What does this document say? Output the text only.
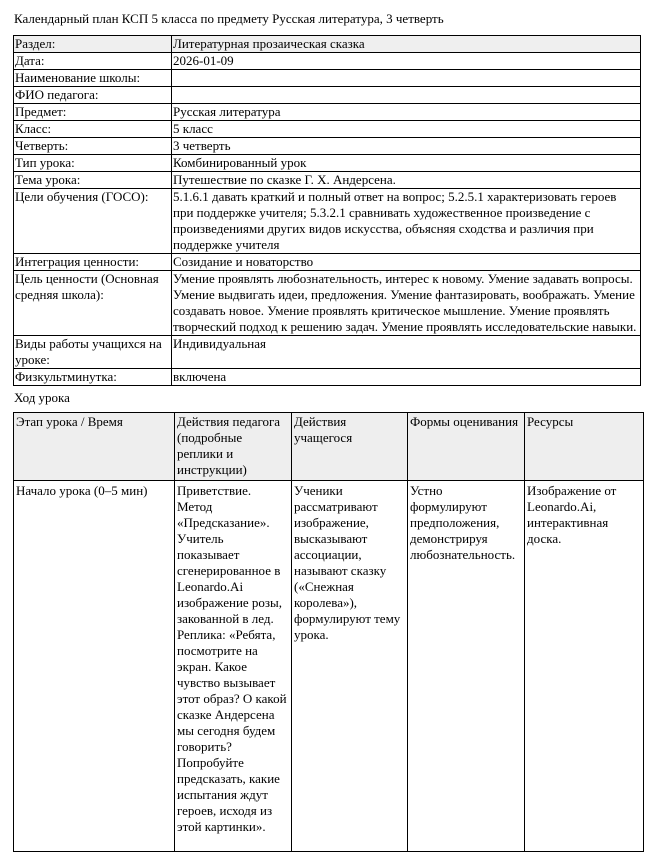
Календарный план КСП 5 класса по предмету Русская литература, 3 четверть
Раздел:	Литературная прозаическая сказка
Дата:	2026-01-09
Наименование школы:	
ФИО педагога:	
Предмет:	Русская литература
Класс:	5 класс
Четверть:	3 четверть
Тип урока:	Комбинированный урок
Тема урока:	Путешествие по сказке Г. Х. Андерсена.
Цели обучения (ГОСО):	5.1.6.1 давать краткий и полный ответ на вопрос; 5.2.5.1 характеризовать героев при поддержке учителя; 5.3.2.1 сравнивать художественное произведение с произведениями других видов искусства, объясняя сходства и различия при поддержке учителя
Интеграция ценности:	Созидание и новаторство
Цель ценности (Основная средняя школа):	Умение проявлять любознательность, интерес к новому. Умение задавать вопросы. Умение выдвигать идеи, предложения. Умение фантазировать, воображать. Умение создавать новое. Умение проявлять критическое мышление. Умение проявлять творческий подход к решению задач. Умение проявлять исследовательские навыки.
Виды работы учащихся на уроке:	Индивидуальная
Физкультминутка:	включена
Ход урока
Этап урока / Время	Действия педагога (подробные реплики и инструкции)	Действия учащегося	Формы оценивания	Ресурсы
Начало урока (0–5 мин)	Приветствие. Метод «Предсказание». Учитель показывает сгенерированное в Leonardo.Ai изображение розы, закованной в лед. Реплика: «Ребята, посмотрите на экран. Какое чувство вызывает этот образ? О какой сказке Андерсена мы сегодня будем говорить? Попробуйте предсказать, какие испытания ждут героев, исходя из этой картинки».	Ученики рассматривают изображение, высказывают ассоциации, называют сказку («Снежная королева»), формулируют тему урока.	Устно формулируют предположения, демонстрируя любознательность.	Изображение от Leonardo.Ai, интерактивная доска.
